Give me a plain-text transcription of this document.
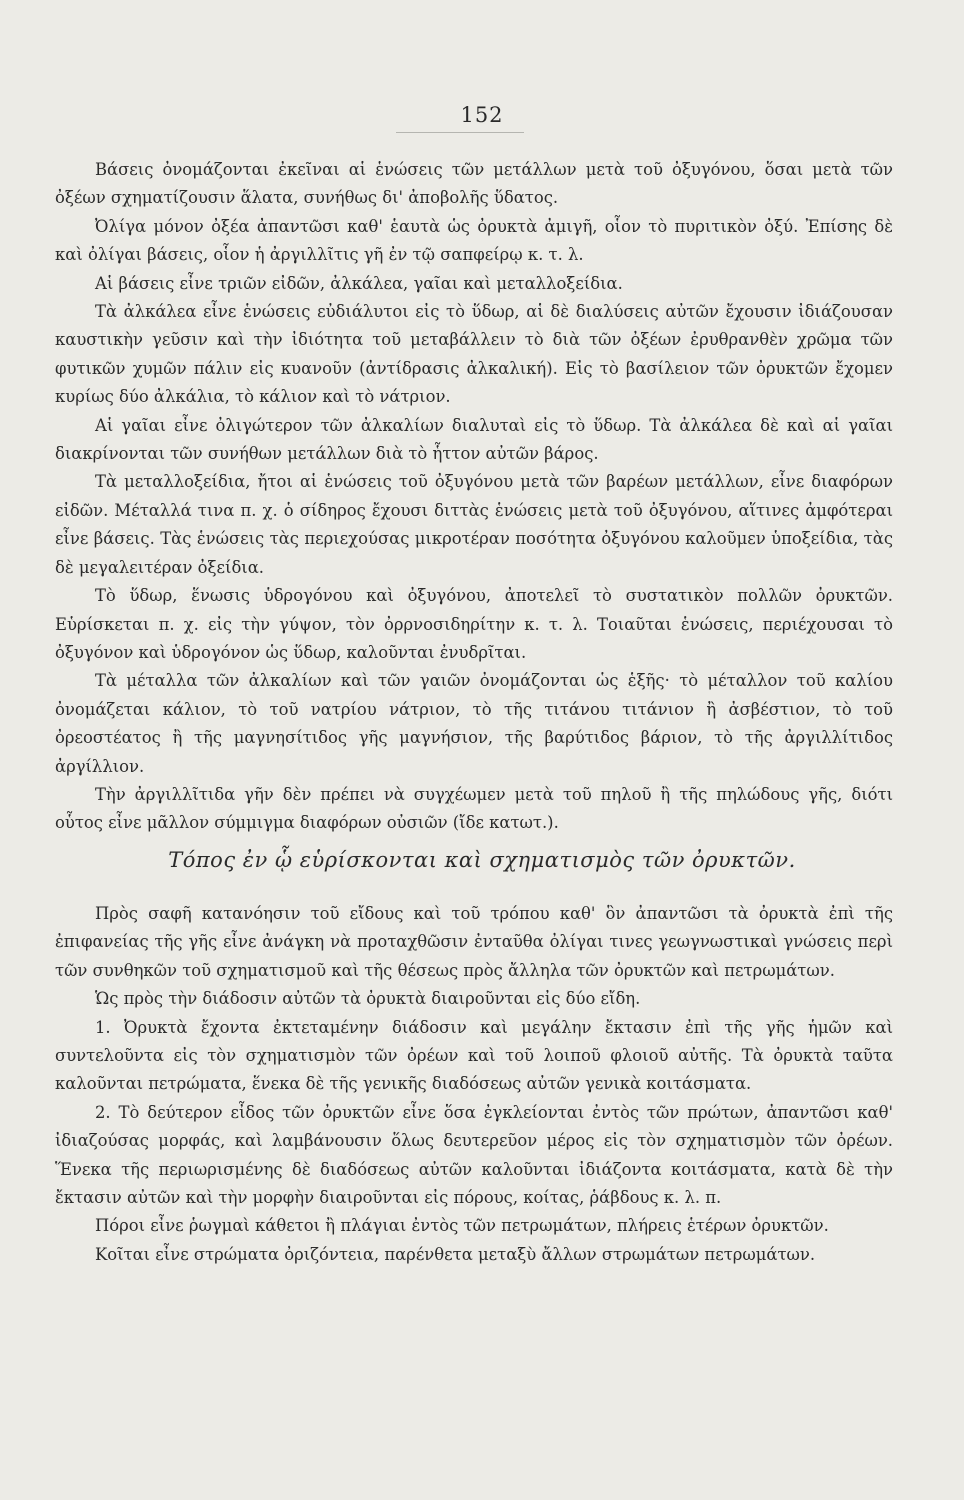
152

Βάσεις ὀνομάζονται ἐκεῖναι αἱ ἑνώσεις τῶν μετάλλων μετὰ τοῦ ὀξυγόνου, ὅσαι μετὰ τῶν ὀξέων σχηματίζουσιν ἅλατα, συνήθως δι' ἀποβολῆς ὕδατος.

Ὀλίγα μόνον ὀξέα ἀπαντῶσι καθ' ἑαυτὰ ὡς ὀρυκτὰ ἀμιγῆ, οἷον τὸ πυριτικὸν ὀξύ. Ἐπίσης δὲ καὶ ὀλίγαι βάσεις, οἷον ἡ ἀργιλλῖτις γῆ ἐν τῷ σαπφείρῳ κ. τ. λ.

Αἱ βάσεις εἶνε τριῶν εἰδῶν, ἀλκάλεα, γαῖαι καὶ μεταλλοξείδια.

Τὰ ἀλκάλεα εἶνε ἑνώσεις εὐδιάλυτοι εἰς τὸ ὕδωρ, αἱ δὲ διαλύσεις αὐτῶν ἔχουσιν ἰδιάζουσαν καυστικὴν γεῦσιν καὶ τὴν ἰδιότητα τοῦ μεταβάλλειν τὸ διὰ τῶν ὀξέων ἐρυθρανθὲν χρῶμα τῶν φυτικῶν χυμῶν πάλιν εἰς κυανοῦν (ἀντίδρασις ἀλκαλική). Εἰς τὸ βασίλειον τῶν ὀρυκτῶν ἔχομεν κυρίως δύο ἀλκάλια, τὸ κάλιον καὶ τὸ νάτριον.

Αἱ γαῖαι εἶνε ὀλιγώτερον τῶν ἀλκαλίων διαλυταὶ εἰς τὸ ὕδωρ. Τὰ ἀλκάλεα δὲ καὶ αἱ γαῖαι διακρίνονται τῶν συνήθων μετάλλων διὰ τὸ ἧττον αὐτῶν βάρος.

Τὰ μεταλλοξείδια, ἤτοι αἱ ἑνώσεις τοῦ ὀξυγόνου μετὰ τῶν βαρέων μετάλλων, εἶνε διαφόρων εἰδῶν. Μέταλλά τινα π. χ. ὁ σίδηρος ἔχουσι διττὰς ἑνώσεις μετὰ τοῦ ὀξυγόνου, αἵτινες ἀμφότεραι εἶνε βάσεις. Τὰς ἑνώσεις τὰς περιεχούσας μικροτέραν ποσότητα ὀξυγόνου καλοῦμεν ὑποξείδια, τὰς δὲ μεγαλειτέραν ὀξείδια.

Τὸ ὕδωρ, ἕνωσις ὑδρογόνου καὶ ὀξυγόνου, ἀποτελεῖ τὸ συστατικὸν πολλῶν ὀρυκτῶν. Εὑρίσκεται π. χ. εἰς τὴν γύψον, τὸν ὀρρνοσιδηρίτην κ. τ. λ. Τοιαῦται ἑνώσεις, περιέχουσαι τὸ ὀξυγόνον καὶ ὑδρογόνον ὡς ὕδωρ, καλοῦνται ἐνυδρῖται.

Τὰ μέταλλα τῶν ἀλκαλίων καὶ τῶν γαιῶν ὀνομάζονται ὡς ἑξῆς· τὸ μέταλλον τοῦ καλίου ὀνομάζεται κάλιον, τὸ τοῦ νατρίου νάτριον, τὸ τῆς τιτάνου τιτάνιον ἢ ἀσβέστιον, τὸ τοῦ ὀρεοστέατος ἢ τῆς μαγνησίτιδος γῆς μαγνήσιον, τῆς βαρύτιδος βάριον, τὸ τῆς ἀργιλλίτιδος ἀργίλλιον.

Τὴν ἀργιλλῖτιδα γῆν δὲν πρέπει νὰ συγχέωμεν μετὰ τοῦ πηλοῦ ἢ τῆς πηλώδους γῆς, διότι οὗτος εἶνε μᾶλλον σύμμιγμα διαφόρων οὐσιῶν (ἴδε κατωτ.).

Τόπος ἐν ᾧ εὑρίσκονται καὶ σχηματισμὸς τῶν ὀρυκτῶν.

Πρὸς σαφῆ κατανόησιν τοῦ εἴδους καὶ τοῦ τρόπου καθ' ὃν ἀπαντῶσι τὰ ὀρυκτὰ ἐπὶ τῆς ἐπιφανείας τῆς γῆς εἶνε ἀνάγκη νὰ προταχθῶσιν ἐνταῦθα ὀλίγαι τινες γεωγνωστικαὶ γνώσεις περὶ τῶν συνθηκῶν τοῦ σχηματισμοῦ καὶ τῆς θέσεως πρὸς ἄλληλα τῶν ὀρυκτῶν καὶ πετρωμάτων.

Ὡς πρὸς τὴν διάδοσιν αὐτῶν τὰ ὀρυκτὰ διαιροῦνται εἰς δύο εἴδη.

1. Ὀρυκτὰ ἔχοντα ἐκτεταμένην διάδοσιν καὶ μεγάλην ἔκτασιν ἐπὶ τῆς γῆς ἡμῶν καὶ συντελοῦντα εἰς τὸν σχηματισμὸν τῶν ὀρέων καὶ τοῦ λοιποῦ φλοιοῦ αὐτῆς. Τὰ ὀρυκτὰ ταῦτα καλοῦνται πετρώματα, ἕνεκα δὲ τῆς γενικῆς διαδόσεως αὐτῶν γενικὰ κοιτάσματα.

2. Τὸ δεύτερον εἶδος τῶν ὀρυκτῶν εἶνε ὅσα ἐγκλείονται ἐντὸς τῶν πρώτων, ἀπαντῶσι καθ' ἰδιαζούσας μορφάς, καὶ λαμβάνουσιν ὅλως δευτερεῦον μέρος εἰς τὸν σχηματισμὸν τῶν ὀρέων. Ἕνεκα τῆς περιωρισμένης δὲ διαδόσεως αὐτῶν καλοῦνται ἰδιάζοντα κοιτάσματα, κατὰ δὲ τὴν ἔκτασιν αὐτῶν καὶ τὴν μορφὴν διαιροῦνται εἰς πόρους, κοίτας, ῥάβδους κ. λ. π.

Πόροι εἶνε ῥωγμαὶ κάθετοι ἢ πλάγιαι ἐντὸς τῶν πετρωμάτων, πλήρεις ἑτέρων ὀρυκτῶν.

Κοῖται εἶνε στρώματα ὀριζόντεια, παρένθετα μεταξὺ ἄλλων στρωμάτων πετρωμάτων.
